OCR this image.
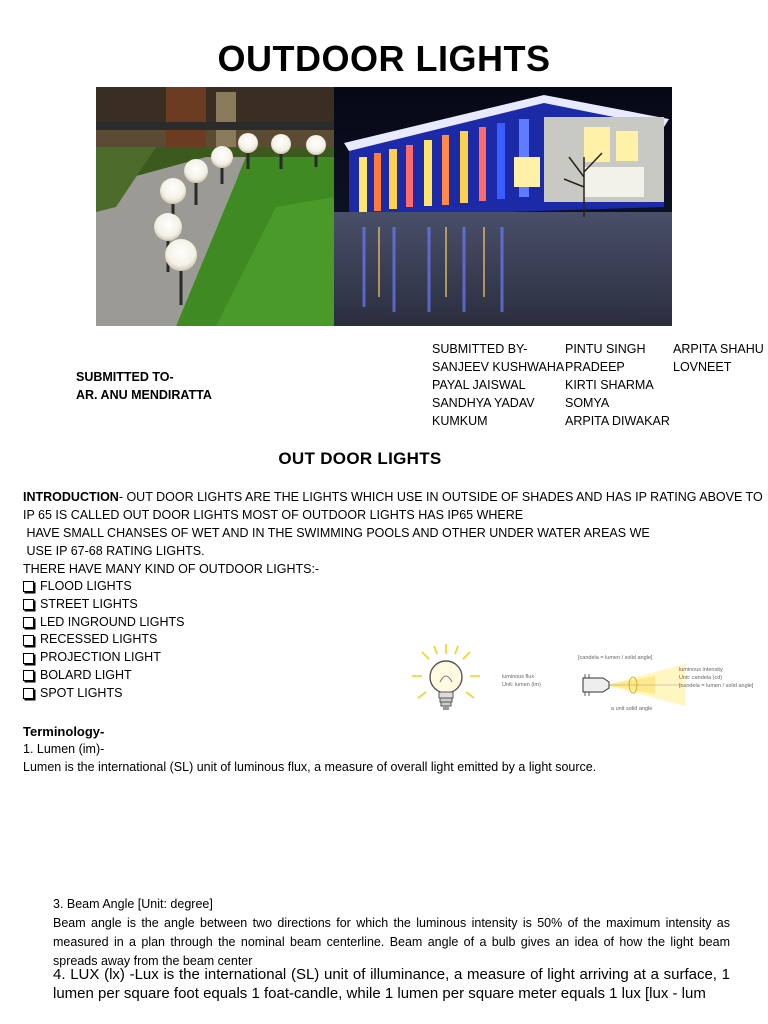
OUTDOOR LIGHTS
SUBMITTED TO-
AR. ANU MENDIRATTA
SUBMITTED BY-
SANJEEV KUSHWAHA
PAYAL JAISWAL
SANDHYA YADAV
KUMKUM
PINTU SINGH
PRADEEP
KIRTI SHARMA
SOMYA
ARPITA DIWAKAR
ARPITA SHAHU
LOVNEET
OUT DOOR LIGHTS
INTRODUCTION- OUT DOOR LIGHTS ARE THE LIGHTS WHICH USE IN OUTSIDE OF SHADES AND HAS IP RATING ABOVE TO IP 65 IS CALLED OUT DOOR LIGHTS MOST OF OUTDOOR LIGHTS HAS IP65 WHERE
HAVE SMALL CHANSES OF WET AND IN THE SWIMMING POOLS AND OTHER UNDER WATER AREAS WE
USE IP 67-68 RATING LIGHTS.
THERE HAVE MANY KIND OF OUTDOOR LIGHTS:-
FLOOD LIGHTS
STREET LIGHTS
LED INGROUND LIGHTS
RECESSED LIGHTS
PROJECTION LIGHT
BOLARD LIGHT
SPOT LIGHTS
luminous flux
Unit: lumen (lm)
[candela = lumen / solid angle]
luminous intensity
Unit: candela (cd)
[candela = lumen / solid angle]
a unit solid angle
Terminology-
1. Lumen (im)-
Lumen is the international (SL) unit of luminous flux, a measure of overall light emitted by a light source.
3. Beam Angle [Unit: degree]
Beam angle is the angle between two directions for which the luminous intensity is 50% of the maximum intensity as measured in a plan through the nominal beam centerline. Beam angle of a bulb gives an idea of how the light beam spreads away from the beam center
4. LUX (lx) -Lux is the international (SL) unit of illuminance, a measure of light arriving at a surface, 1 lumen per square foot equals 1 foat-candle, while 1 lumen per square meter equals 1 lux [lux - lum
